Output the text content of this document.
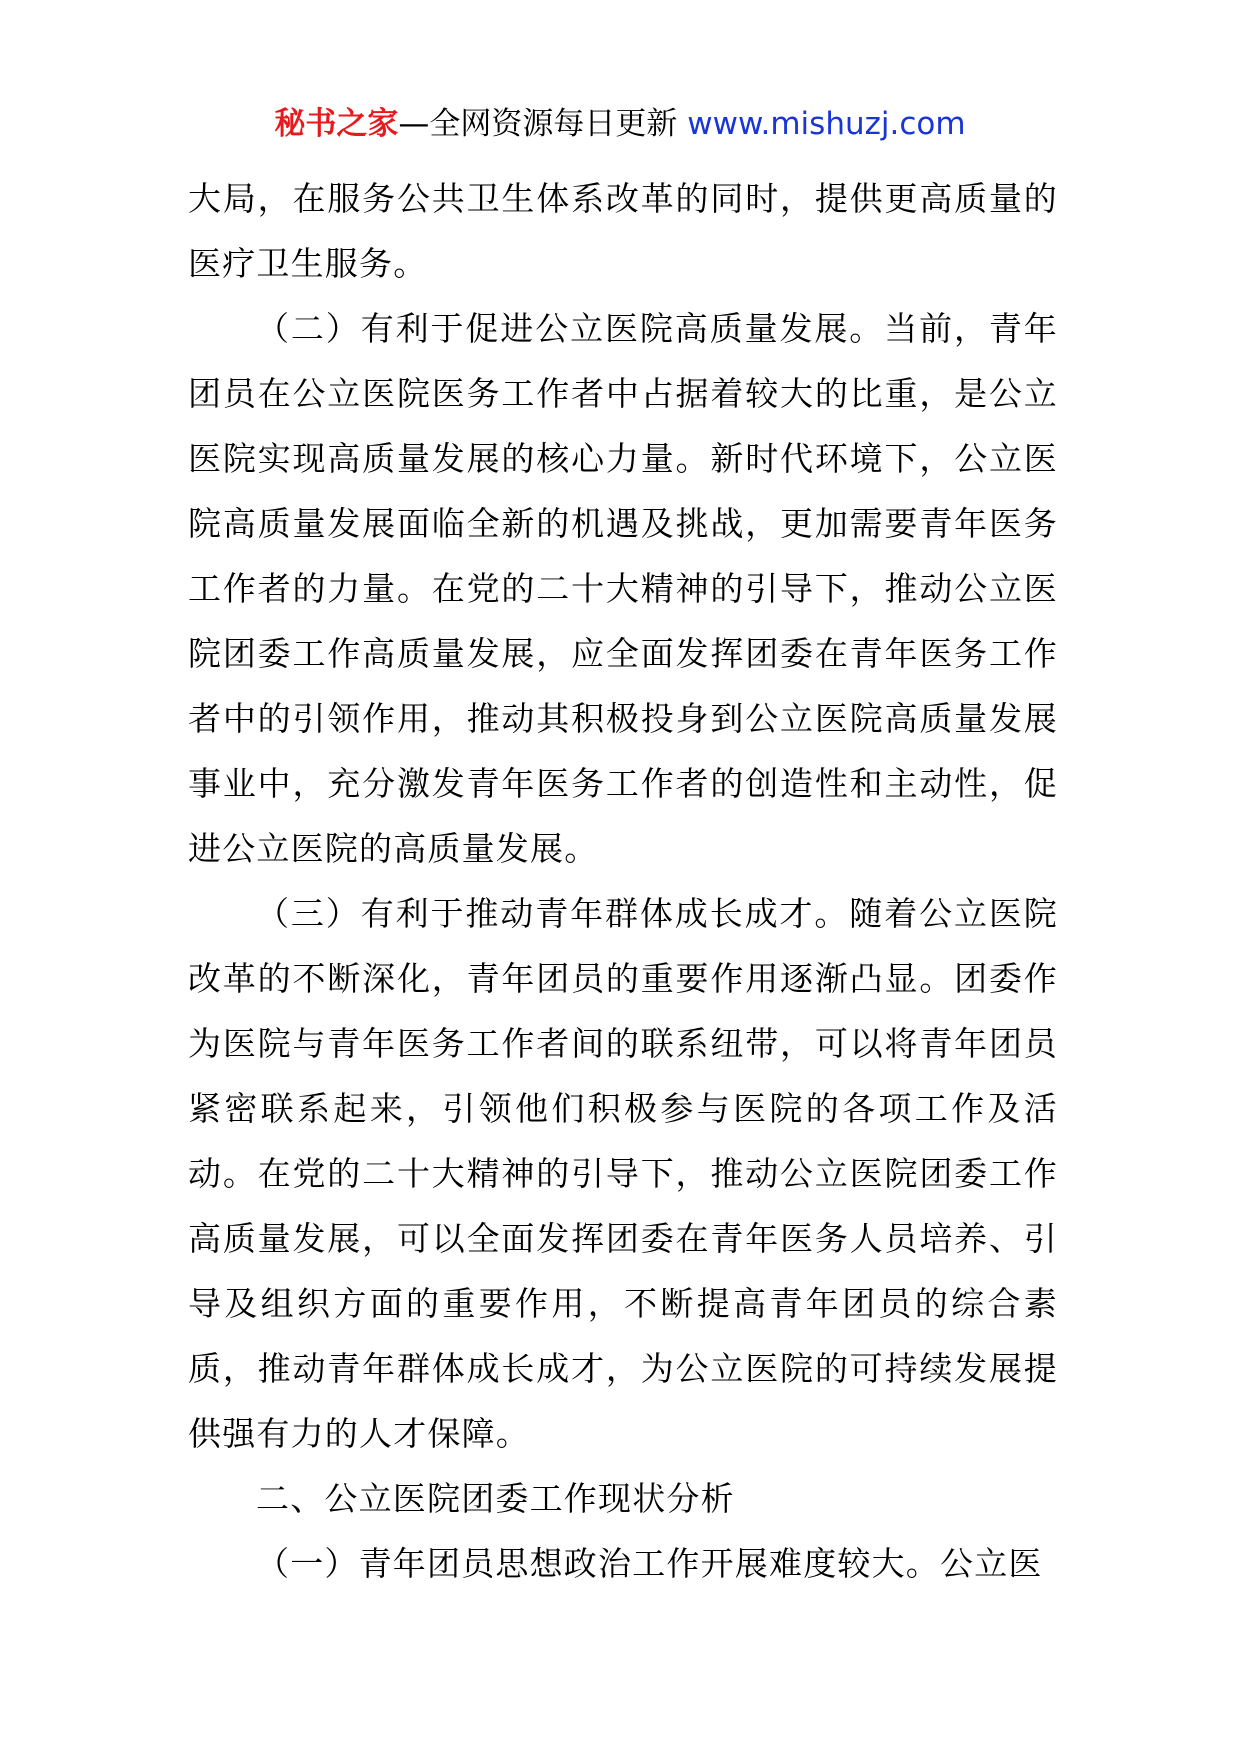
秘书之家—全网资源每日更新 www.mishuzj.com

大局，在服务公共卫生体系改革的同时，提供更高质量的医疗卫生服务。

（二）有利于促进公立医院高质量发展。当前，青年团员在公立医院医务工作者中占据着较大的比重，是公立医院实现高质量发展的核心力量。新时代环境下，公立医院高质量发展面临全新的机遇及挑战，更加需要青年医务工作者的力量。在党的二十大精神的引导下，推动公立医院团委工作高质量发展，应全面发挥团委在青年医务工作者中的引领作用，推动其积极投身到公立医院高质量发展事业中，充分激发青年医务工作者的创造性和主动性，促进公立医院的高质量发展。

（三）有利于推动青年群体成长成才。随着公立医院改革的不断深化，青年团员的重要作用逐渐凸显。团委作为医院与青年医务工作者间的联系纽带，可以将青年团员紧密联系起来，引领他们积极参与医院的各项工作及活动。在党的二十大精神的引导下，推动公立医院团委工作高质量发展，可以全面发挥团委在青年医务人员培养、引导及组织方面的重要作用，不断提高青年团员的综合素质，推动青年群体成长成才，为公立医院的可持续发展提供强有力的人才保障。

二、公立医院团委工作现状分析

（一）青年团员思想政治工作开展难度较大。公立医
